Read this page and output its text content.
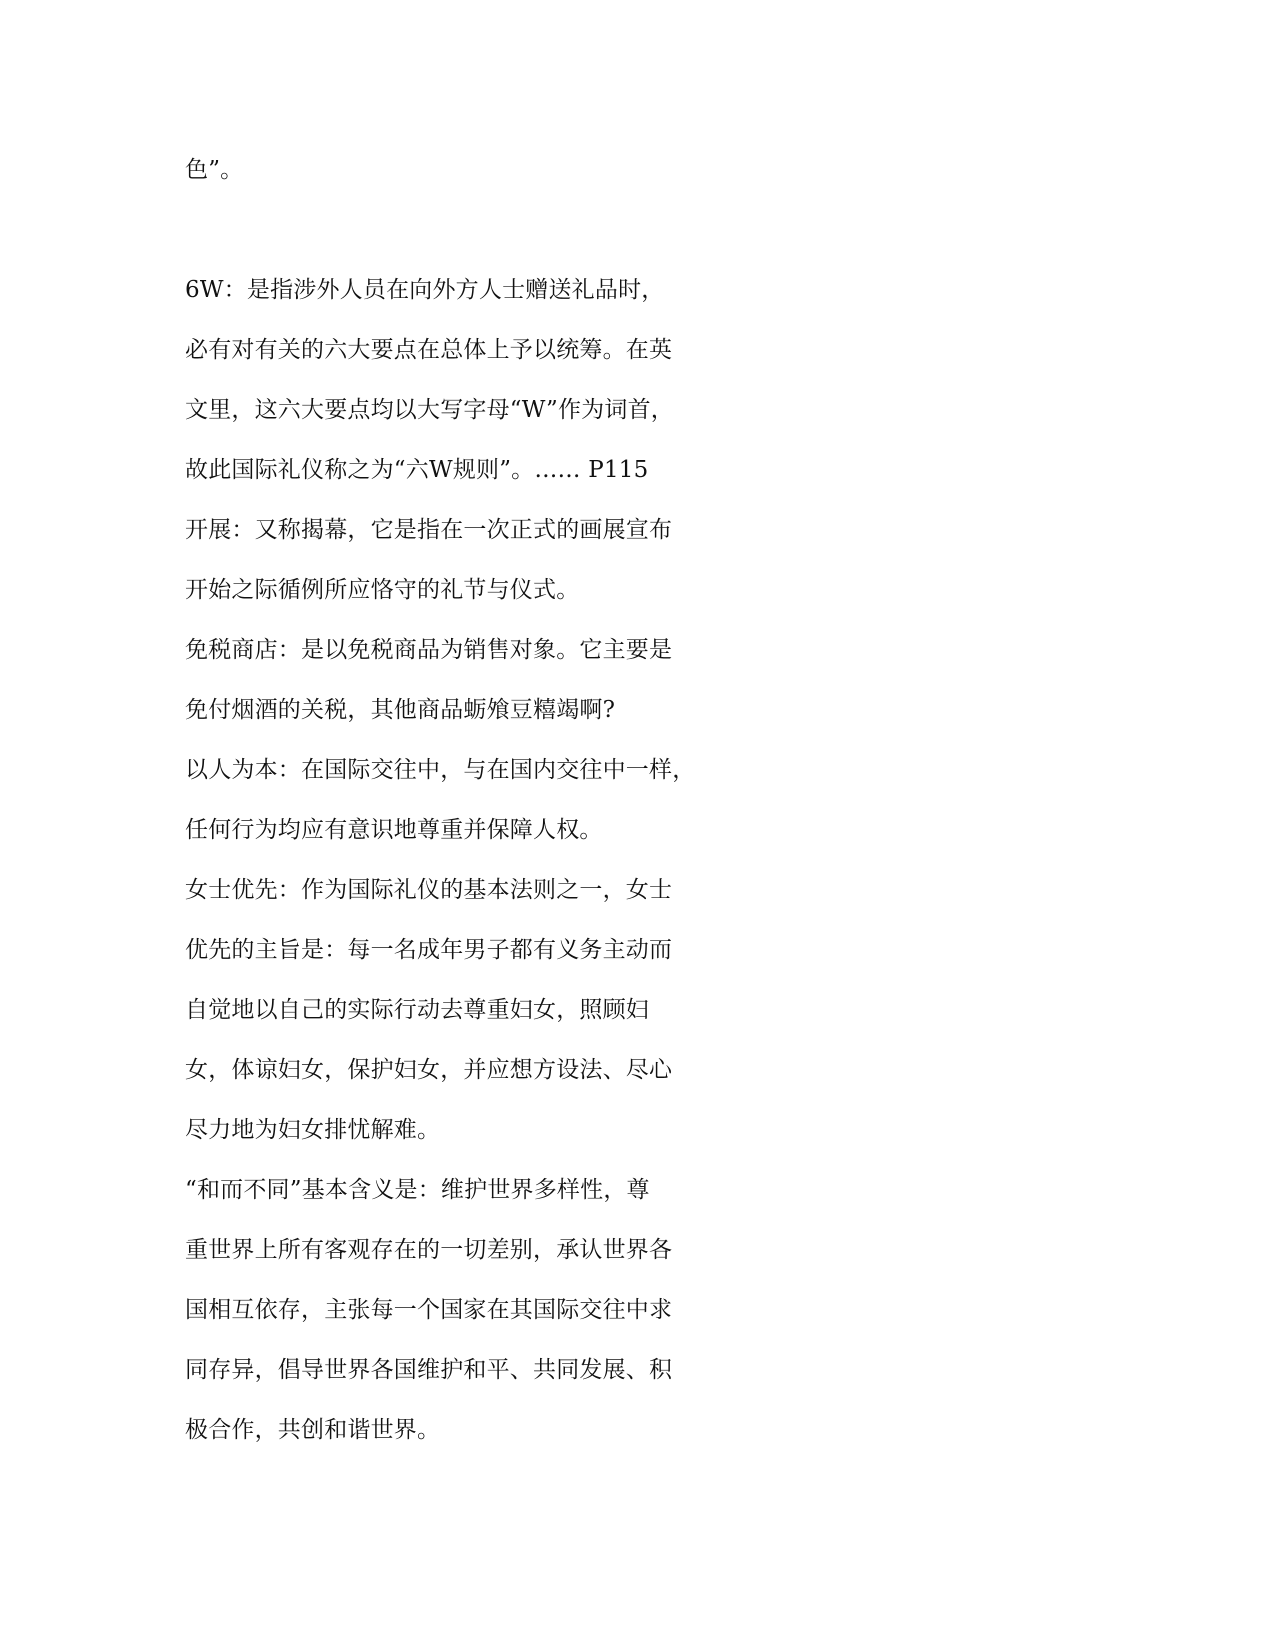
色”。
6W：是指涉外人员在向外方人士赠送礼品时，
必有对有关的六大要点在总体上予以统筹。在英
文里，这六大要点均以大写字母“W”作为词首，
故此国际礼仪称之为“六W规则”。…… P115
开展：又称揭幕，它是指在一次正式的画展宣布
开始之际循例所应恪守的礼节与仪式。
免税商店：是以免税商品为销售对象。它主要是
免付烟酒的关税，其他商品蛎飧豆糦竭啊?
以人为本：在国际交往中，与在国内交往中一样，
任何行为均应有意识地尊重并保障人权。
女士优先：作为国际礼仪的基本法则之一，女士
优先的主旨是：每一名成年男子都有义务主动而
自觉地以自己的实际行动去尊重妇女，照顾妇
女，体谅妇女，保护妇女，并应想方设法、尽心
尽力地为妇女排忧解难。
“和而不同”基本含义是：维护世界多样性，尊
重世界上所有客观存在的一切差别，承认世界各
国相互依存，主张每一个国家在其国际交往中求
同存异，倡导世界各国维护和平、共同发展、积
极合作，共创和谐世界。
